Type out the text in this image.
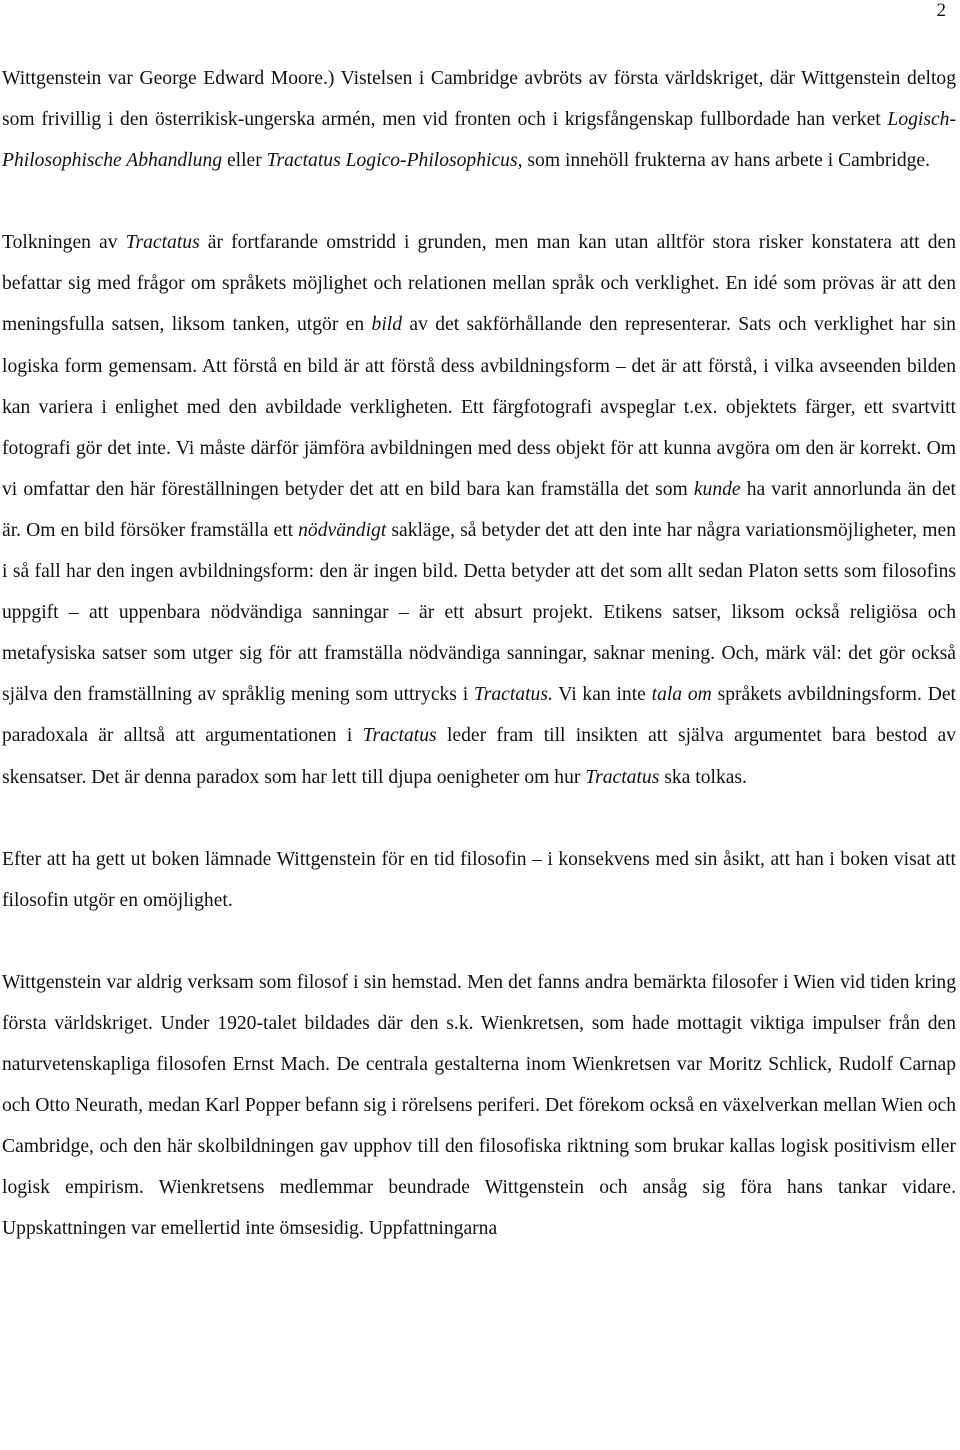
2

Wittgenstein var George Edward Moore.) Vistelsen i Cambridge avbröts av första världskriget, där Wittgenstein deltog som frivillig i den österrikisk-ungerska armén, men vid fronten och i krigsfångenskap fullbordade han verket Logisch-Philosophische Abhandlung eller Tractatus Logico-Philosophicus, som innehöll frukterna av hans arbete i Cambridge.

Tolkningen av Tractatus är fortfarande omstridd i grunden, men man kan utan alltför stora risker konstatera att den befattar sig med frågor om språkets möjlighet och relationen mellan språk och verklighet. En idé som prövas är att den meningsfulla satsen, liksom tanken, utgör en bild av det sakförhållande den representerar. Sats och verklighet har sin logiska form gemensam. Att förstå en bild är att förstå dess avbildningsform – det är att förstå, i vilka avseenden bilden kan variera i enlighet med den avbildade verkligheten. Ett färgfotografi avspeglar t.ex. objektets färger, ett svartvitt fotografi gör det inte. Vi måste därför jämföra avbildningen med dess objekt för att kunna avgöra om den är korrekt. Om vi omfattar den här föreställningen betyder det att en bild bara kan framställa det som kunde ha varit annorlunda än det är. Om en bild försöker framställa ett nödvändigt sakläge, så betyder det att den inte har några variationsmöjligheter, men i så fall har den ingen avbildningsform: den är ingen bild. Detta betyder att det som allt sedan Platon setts som filosofins uppgift – att uppenbara nödvändiga sanningar – är ett absurt projekt. Etikens satser, liksom också religiösa och metafysiska satser som utger sig för att framställa nödvändiga sanningar, saknar mening. Och, märk väl: det gör också själva den framställning av språklig mening som uttrycks i Tractatus. Vi kan inte tala om språkets avbildningsform. Det paradoxala är alltså att argumentationen i Tractatus leder fram till insikten att själva argumentet bara bestod av skensatser. Det är denna paradox som har lett till djupa oenigheter om hur Tractatus ska tolkas.

Efter att ha gett ut boken lämnade Wittgenstein för en tid filosofin – i konsekvens med sin åsikt, att han i boken visat att filosofin utgör en omöjlighet.

Wittgenstein var aldrig verksam som filosof i sin hemstad. Men det fanns andra bemärkta filosofer i Wien vid tiden kring första världskriget. Under 1920-talet bildades där den s.k. Wienkretsen, som hade mottagit viktiga impulser från den naturvetenskapliga filosofen Ernst Mach. De centrala gestalterna inom Wienkretsen var Moritz Schlick, Rudolf Carnap och Otto Neurath, medan Karl Popper befann sig i rörelsens periferi. Det förekom också en växelverkan mellan Wien och Cambridge, och den här skolbildningen gav upphov till den filosofiska riktning som brukar kallas logisk positivism eller logisk empirism. Wienkretsens medlemmar beundrade Wittgenstein och ansåg sig föra hans tankar vidare. Uppskattningen var emellertid inte ömsesidig. Uppfattningarna
